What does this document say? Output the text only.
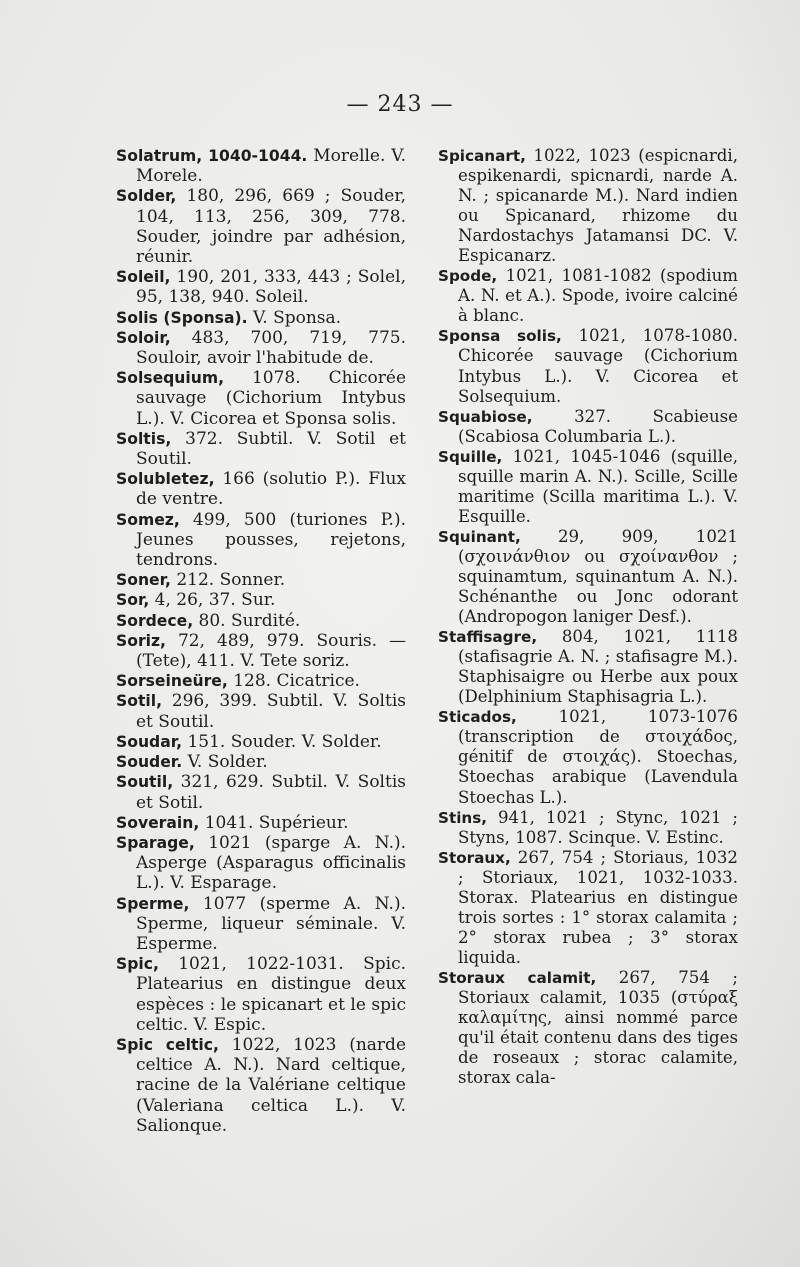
— 243 —

Solatrum, 1040-1044. Morelle. V. Morele.

Solder, 180, 296, 669 ; Souder, 104, 113, 256, 309, 778. Souder, joindre par adhésion, réunir.

Soleil, 190, 201, 333, 443 ; Solel, 95, 138, 940. Soleil.

Solis (Sponsa). V. Sponsa.

Soloir, 483, 700, 719, 775. Souloir, avoir l'habitude de.

Solsequium, 1078. Chicorée sauvage (Cichorium Intybus L.). V. Cicorea et Sponsa solis.

Soltis, 372. Subtil. V. Sotil et Soutil.

Solubletez, 166 (solutio P.). Flux de ventre.

Somez, 499, 500 (turiones P.). Jeunes pousses, rejetons, tendrons.

Soner, 212. Sonner.

Sor, 4, 26, 37. Sur.

Sordece, 80. Surdité.

Soriz, 72, 489, 979. Souris. — (Tete), 411. V. Tete soriz.

Sorseineüre, 128. Cicatrice.

Sotil, 296, 399. Subtil. V. Soltis et Soutil.

Soudar, 151. Souder. V. Solder.

Souder. V. Solder.

Soutil, 321, 629. Subtil. V. Soltis et Sotil.

Soverain, 1041. Supérieur.

Sparage, 1021 (sparge A. N.). Asperge (Asparagus officinalis L.). V. Esparage.

Sperme, 1077 (sperme A. N.). Sperme, liqueur séminale. V. Esperme.

Spic, 1021, 1022-1031. Spic. Platearius en distingue deux espèces : le spicanart et le spic celtic. V. Espic.

Spic celtic, 1022, 1023 (narde celtice A. N.). Nard celtique, racine de la Valériane celtique (Valeriana celtica L.). V. Salionque.

Spicanart, 1022, 1023 (espicnardi, espikenardi, spicnardi, narde A. N. ; spicanarde M.). Nard indien ou Spicanard, rhizome du Nardostachys Jatamansi DC. V. Espicanarz.

Spode, 1021, 1081-1082 (spodium A. N. et A.). Spode, ivoire calciné à blanc.

Sponsa solis, 1021, 1078-1080. Chicorée sauvage (Cichorium Intybus L.). V. Cicorea et Solsequium.

Squabiose,	327. Scabieuse (Scabiosa Columbaria L.).

Squille, 1021, 1045-1046 (squille, squille marin A. N.). Scille, Scille maritime (Scilla maritima L.). V. Esquille.

Squinant, 29, 909, 1021 (σχοινάνθιον ou σχοίνανθον ; squinamtum, squinantum A. N.). Schénanthe ou Jonc odorant (Andropogon laniger Desf.).

Staffisagre, 804, 1021, 1118 (stafisagrie A. N. ; stafisagre M.). Staphisaigre ou Herbe aux poux (Delphinium Staphisagria L.).

Sticados,	1021, 1073-1076 (transcription de στοιχάδος, génitif de στοιχάς). Stoechas, Stoechas arabique (Lavendula Stoechas L.).

Stins, 941, 1021 ; Stync, 1021 ; Styns, 1087. Scinque. V. Estinc.

Storaux, 267, 754 ; Storiaus, 1032 ; Storiaux, 1021, 1032-1033. Storax. Platearius en distingue trois sortes : 1° storax calamita ; 2° storax rubea ; 3° storax liquida.

Storaux calamit, 267, 754 ; Storiaux calamit, 1035 (στύραξ καλαμίτης, ainsi nommé parce qu'il était contenu dans des tiges de roseaux ; storac calamite, storax cala-
